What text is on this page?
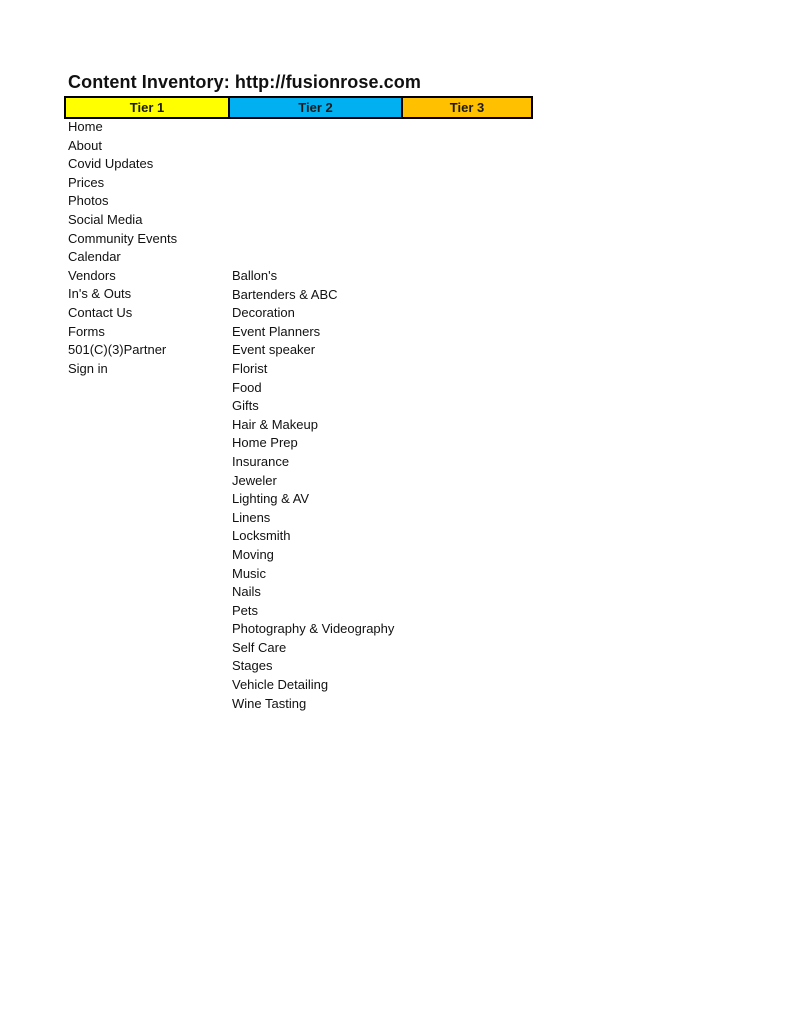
Content Inventory: http://fusionrose.com
Tier 1	Tier 2	Tier 3
Home
About
Covid Updates
Prices
Photos
Social Media
Community Events
Calendar
Vendors
In's & Outs
Contact Us
Forms
501(C)(3)Partner
Sign in
Ballon's
Bartenders & ABC
Decoration
Event Planners
Event speaker
Florist
Food
Gifts
Hair & Makeup
Home Prep
Insurance
Jeweler
Lighting & AV
Linens
Locksmith
Moving
Music
Nails
Pets
Photography & Videography
Self Care
Stages
Vehicle Detailing
Wine Tasting
